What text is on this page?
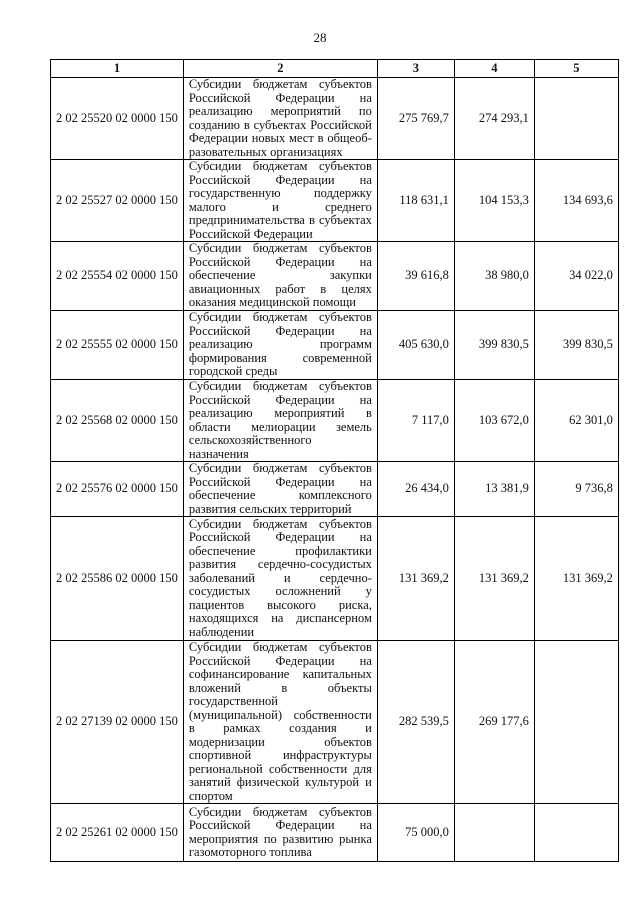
28
1	2	3	4	5
2 02 25520 02 0000 150	Субсидии бюджетам субъектов Российской Федерации на реализацию мероприятий по созданию в субъектах Российской Федерации новых мест в общеоб-разовательных организациях	275 769,7	274 293,1	
2 02 25527 02 0000 150	Субсидии бюджетам субъектов Российской Федерации на государственную поддержку малого и среднего предпринимательства в субъектах Российской Федерации	118 631,1	104 153,3	134 693,6
2 02 25554 02 0000 150	Субсидии бюджетам субъектов Российской Федерации на обеспечение закупки авиационных работ в целях оказания медицинской помощи	39 616,8	38 980,0	34 022,0
2 02 25555 02 0000 150	Субсидии бюджетам субъектов Российской Федерации на реализацию программ формирования современной городской среды	405 630,0	399 830,5	399 830,5
2 02 25568 02 0000 150	Субсидии бюджетам субъектов Российской Федерации на реализацию мероприятий в области мелиорации земель сельскохозяйственного назначения	7 117,0	103 672,0	62 301,0
2 02 25576 02 0000 150	Субсидии бюджетам субъектов Российской Федерации на обеспечение комплексного развития сельских территорий	26 434,0	13 381,9	9 736,8
2 02 25586 02 0000 150	Субсидии бюджетам субъектов Российской Федерации на обеспечение профилактики развития сердечно-сосудистых заболеваний и сердечно-сосудистых осложнений у пациентов высокого риска, находящихся на диспансерном наблюдении	131 369,2	131 369,2	131 369,2
2 02 27139 02 0000 150	Субсидии бюджетам субъектов Российской Федерации на софинансирование капитальных вложений в объекты государственной (муниципальной) собственности в рамках создания и модернизации объектов спортивной инфраструктуры региональной собственности для занятий физической культурой и спортом	282 539,5	269 177,6	
2 02 25261 02 0000 150	Субсидии бюджетам субъектов Российской Федерации на мероприятия по развитию рынка газомоторного топлива	75 000,0		
